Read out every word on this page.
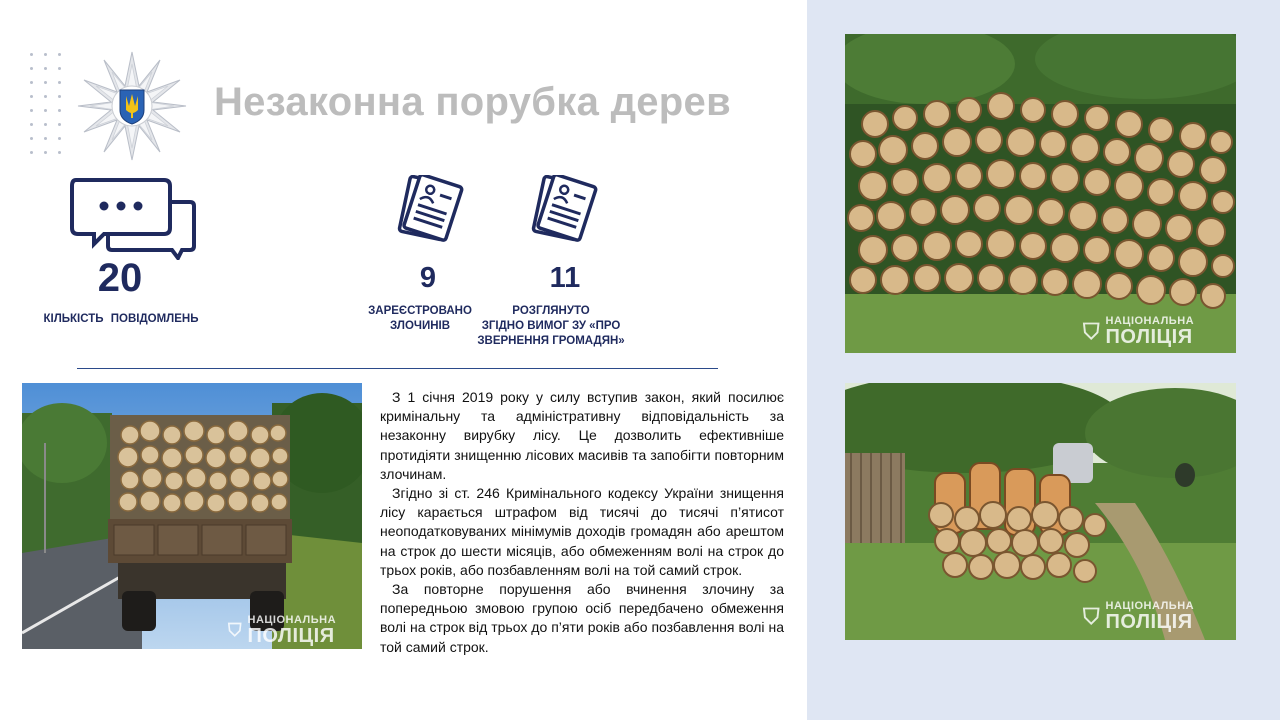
Незаконна порубка дерев
20	9	11
КІЛЬКІСТЬ ПОВІДОМЛЕНЬ
ЗАРЕЄСТРОВАНО
ЗЛОЧИНІВ
РОЗГЛЯНУТО
ЗГІДНО ВИМОГ ЗУ «ПРО
ЗВЕРНЕННЯ ГРОМАДЯН»
⛉ НАЦІОНАЛЬНА
ПОЛІЦІЯ

З 1 січня 2019 року у силу вступив закон, який посилює кримінальну та адміністративну відповідальність за незаконну вирубку лісу. Це дозволить ефективніше протидіяти знищенню лісових масивів та запобігти повторним злочинам.

Згідно зі ст. 246 Кримінального кодексу України знищення лісу карається штрафом від тисячі до тисячі п’ятисот неоподатковуваних мінімумів доходів громадян або арештом на строк до шести місяців, або обмеженням волі на строк до трьох років, або позбавленням волі на той самий строк.

За повторне порушення або вчинення злочину за попередньою змовою групою осіб передбачено обмеження волі на строк від трьох до п’яти років або позбавлення волі на той самий строк.

⛉ НАЦІОНАЛЬНА
ПОЛІЦІЯ
⛉ НАЦІОНАЛЬНА
ПОЛІЦІЯ
